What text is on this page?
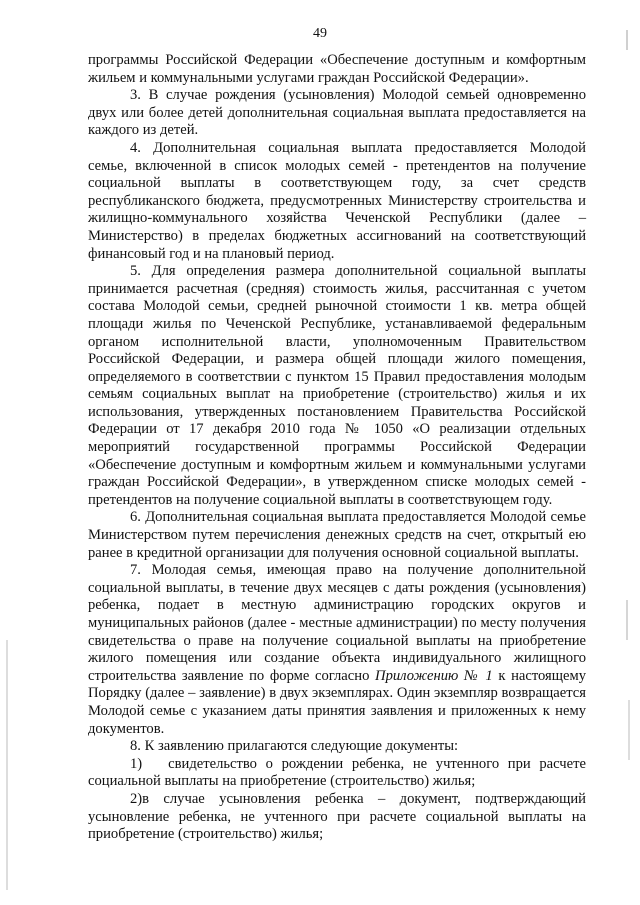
49

программы Российской Федерации «Обеспечение доступным и комфортным жильем и коммунальными услугами граждан Российской Федерации».

3. В случае рождения (усыновления) Молодой семьей одновременно двух или более детей дополнительная социальная выплата предоставляется на каждого из детей.

4. Дополнительная социальная выплата предоставляется Молодой семье, включенной в список молодых семей - претендентов на получение социальной выплаты в соответствующем году, за счет средств республиканского бюджета, предусмотренных Министерству строительства и жилищно-коммунального хозяйства Чеченской Республики (далее – Министерство) в пределах бюджетных ассигнований на соответствующий финансовый год и на плановый период.

5. Для определения размера дополнительной социальной выплаты принимается расчетная (средняя) стоимость жилья, рассчитанная с учетом состава Молодой семьи, средней рыночной стоимости 1 кв. метра общей площади жилья по Чеченской Республике, устанавливаемой федеральным органом исполнительной власти, уполномоченным Правительством Российской Федерации, и размера общей площади жилого помещения, определяемого в соответствии с пунктом 15 Правил предоставления молодым семьям социальных выплат на приобретение (строительство) жилья и их использования, утвержденных постановлением Правительства Российской Федерации от 17 декабря 2010 года № 1050 «О реализации отдельных мероприятий государственной программы Российской Федерации «Обеспечение доступным и комфортным жильем и коммунальными услугами граждан Российской Федерации», в утвержденном списке молодых семей - претендентов на получение социальной выплаты в соответствующем году.

6. Дополнительная социальная выплата предоставляется Молодой семье Министерством путем перечисления денежных средств на счет, открытый ею ранее в кредитной организации для получения основной социальной выплаты.

7. Молодая семья, имеющая право на получение дополнительной социальной выплаты, в течение двух месяцев с даты рождения (усыновления) ребенка, подает в местную администрацию городских округов и муниципальных районов (далее - местные администрации) по месту получения свидетельства о праве на получение социальной выплаты на приобретение жилого помещения или создание объекта индивидуального жилищного строительства заявление по форме согласно Приложению № 1 к настоящему Порядку (далее – заявление) в двух экземплярах. Один экземпляр возвращается Молодой семье с указанием даты принятия заявления и приложенных к нему документов.

8. К заявлению прилагаются следующие документы:

1) свидетельство о рождении ребенка, не учтенного при расчете социальной выплаты на приобретение (строительство) жилья;

2)в случае усыновления ребенка – документ, подтверждающий усыновление ребенка, не учтенного при расчете социальной выплаты на приобретение (строительство) жилья;
